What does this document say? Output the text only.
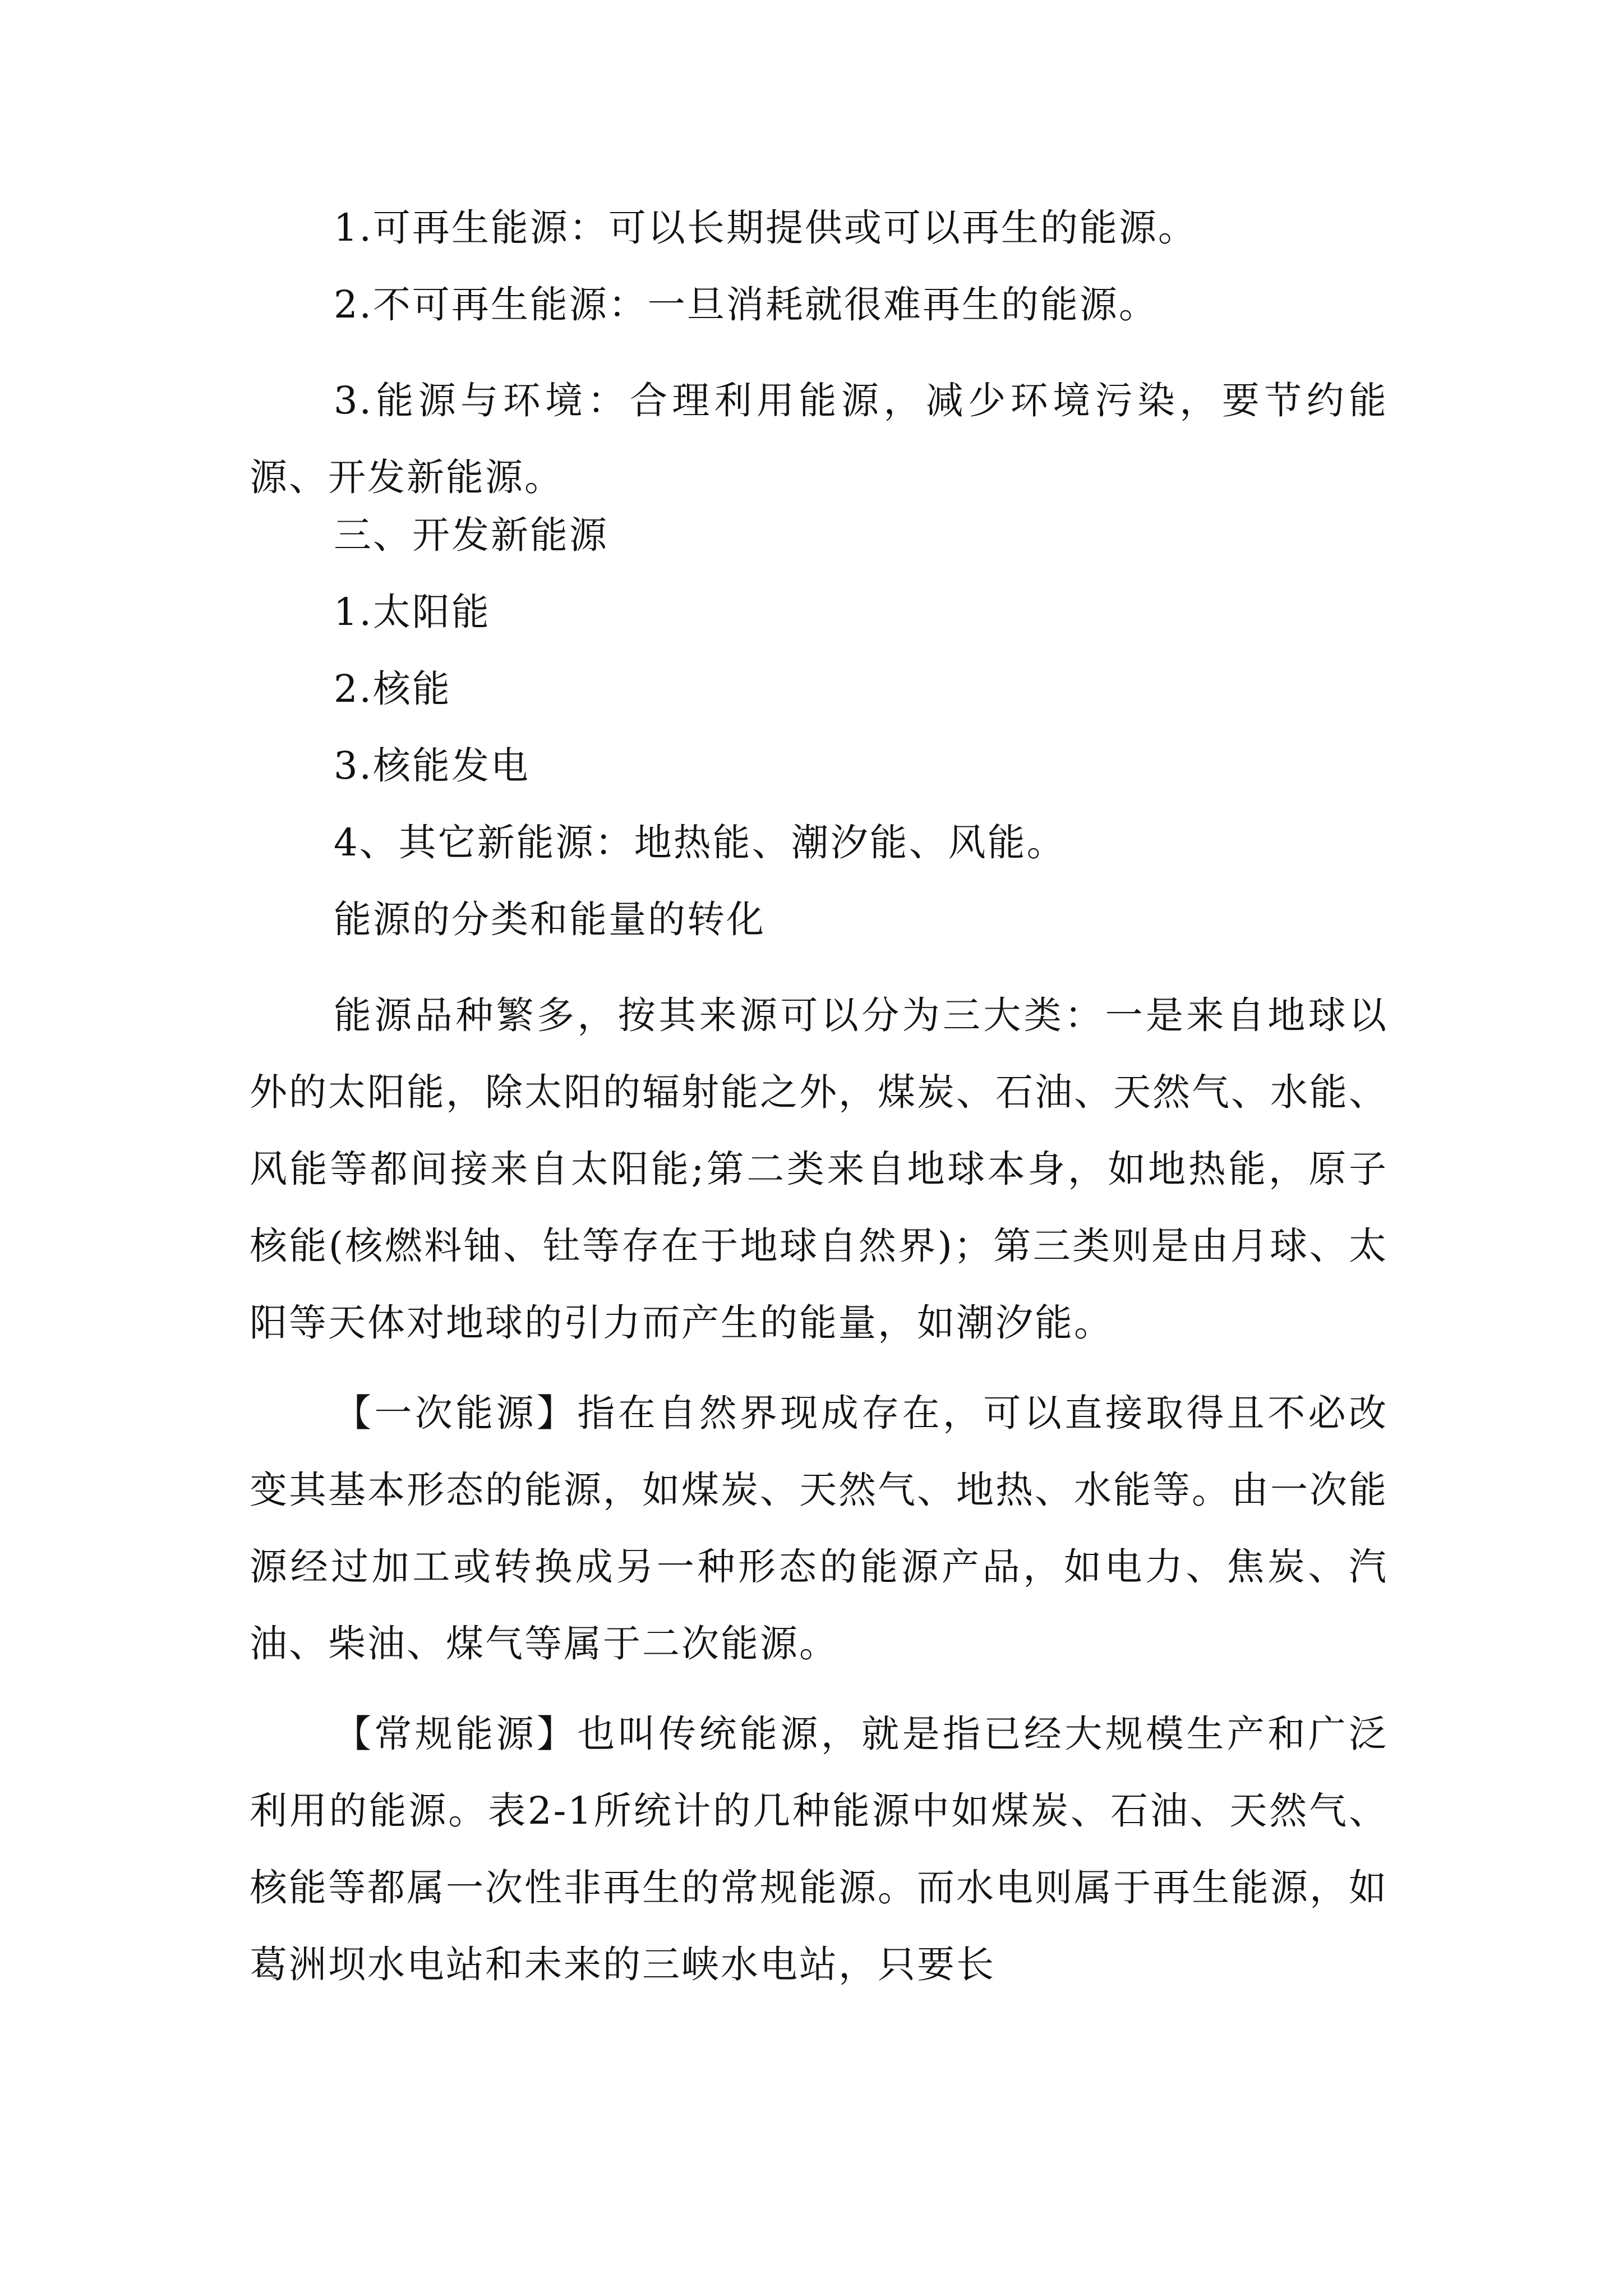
1.可再生能源：可以长期提供或可以再生的能源。
2.不可再生能源：一旦消耗就很难再生的能源。

3.能源与环境：合理利用能源，减少环境污染，要节约能源、开发新能源。

三、开发新能源
1.太阳能
2.核能
3.核能发电
4、其它新能源：地热能、潮汐能、风能。
能源的分类和能量的转化

能源品种繁多，按其来源可以分为三大类：一是来自地球以外的太阳能，除太阳的辐射能之外，煤炭、石油、天然气、水能、风能等都间接来自太阳能;第二类来自地球本身，如地热能，原子核能(核燃料铀、钍等存在于地球自然界)；第三类则是由月球、太阳等天体对地球的引力而产生的能量，如潮汐能。

【一次能源】指在自然界现成存在，可以直接取得且不必改变其基本形态的能源，如煤炭、天然气、地热、水能等。由一次能源经过加工或转换成另一种形态的能源产品，如电力、焦炭、汽油、柴油、煤气等属于二次能源。

【常规能源】也叫传统能源，就是指已经大规模生产和广泛利用的能源。表2-1所统计的几种能源中如煤炭、石油、天然气、核能等都属一次性非再生的常规能源。而水电则属于再生能源，如葛洲坝水电站和未来的三峡水电站，只要长
